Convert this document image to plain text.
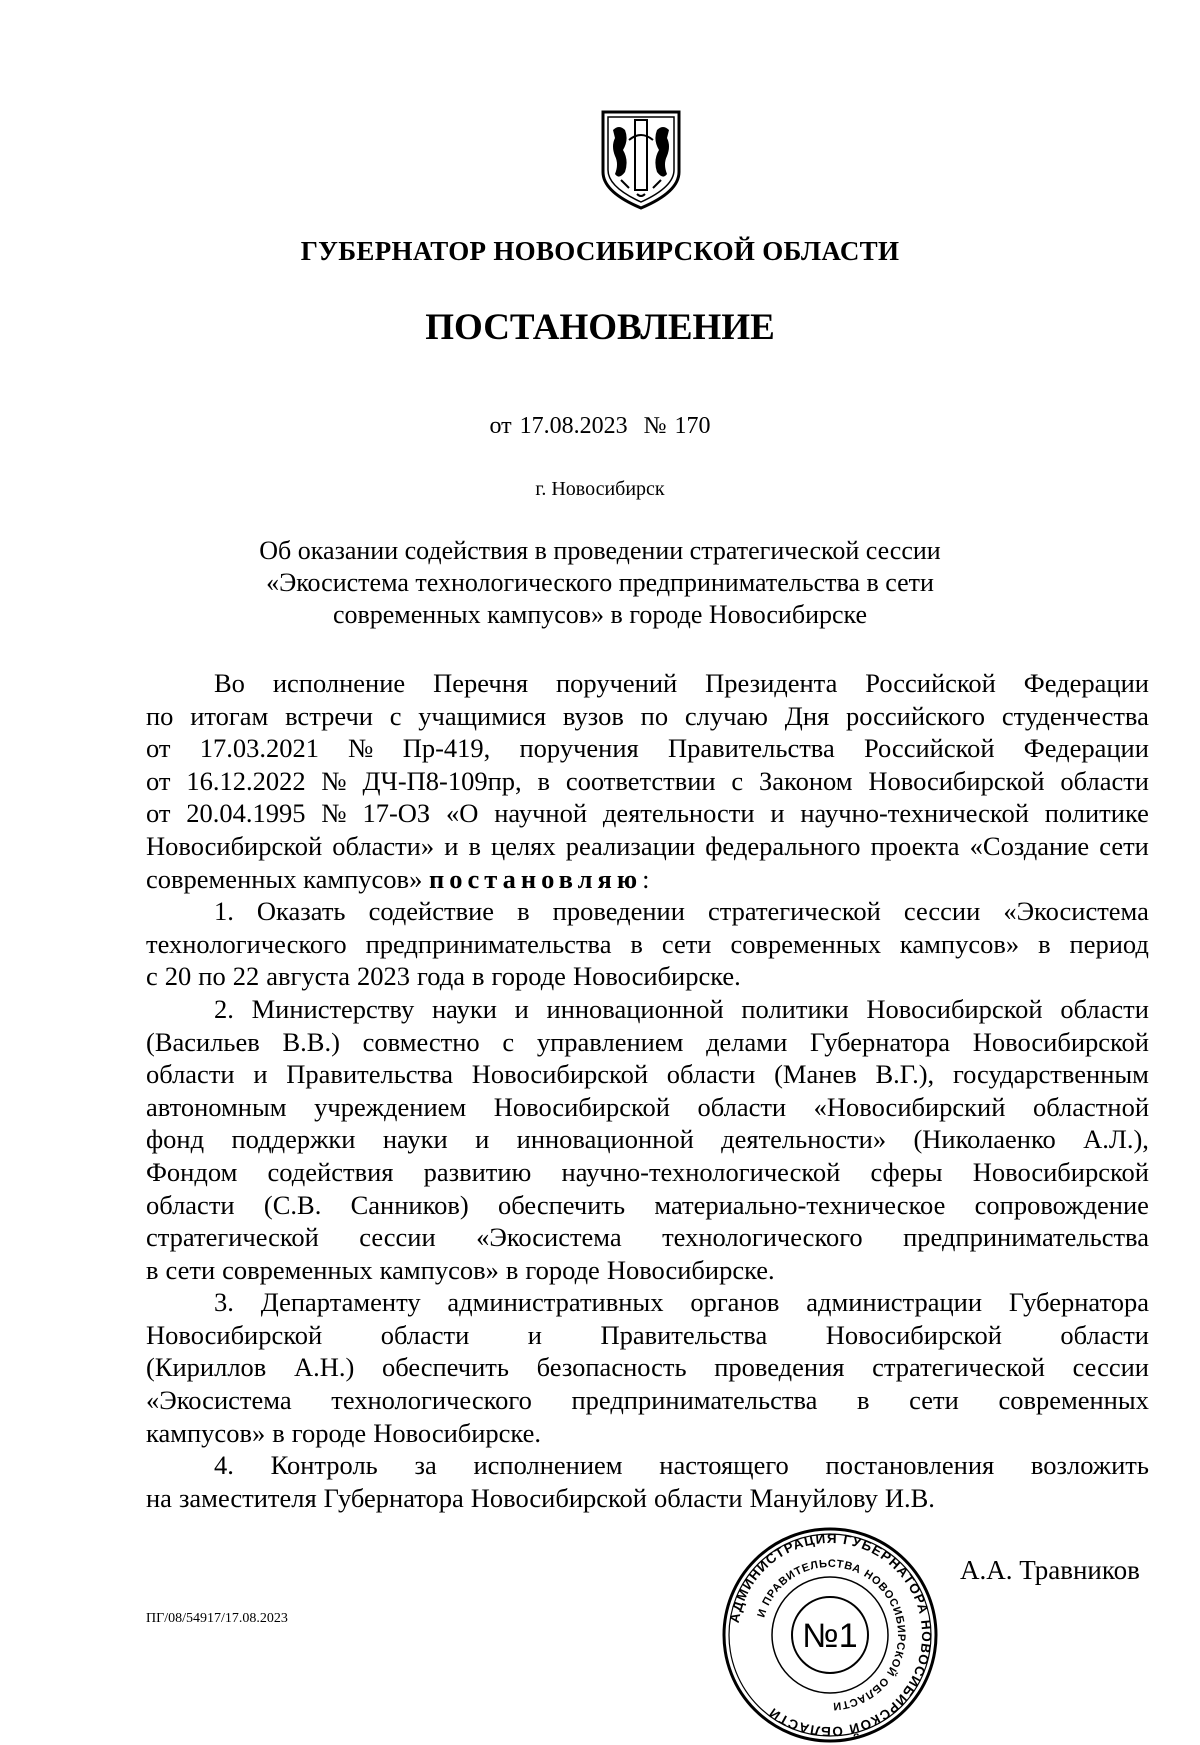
ГУБЕРНАТОР НОВОСИБИРСКОЙ ОБЛАСТИ
ПОСТАНОВЛЕНИЕ
от 17.08.2023  № 170
г. Новосибирск
Об оказании содействия в проведении стратегической сессии
«Экосистема технологического предпринимательства в сети
современных кампусов» в городе Новосибирске
Во исполнение Перечня поручений Президента Российской Федерации
по итогам встречи с учащимися вузов по случаю Дня российского студенчества
от 17.03.2021 № Пр-419, поручения Правительства Российской Федерации
от 16.12.2022 № ДЧ-П8-109пр, в соответствии с Законом Новосибирской области
от 20.04.1995 № 17-ОЗ «О научной деятельности и научно-технической политике
Новосибирской области» и в целях реализации федерального проекта «Создание сети
современных кампусов»
постановляю :
1. Оказать содействие в проведении стратегической сессии «Экосистема
технологического предпринимательства в сети современных кампусов» в период
с 20 по 22 августа 2023 года в городе Новосибирске.
2. Министерству науки и инновационной политики Новосибирской области
(Васильев В.В.) совместно с управлением делами Губернатора Новосибирской
области и Правительства Новосибирской области (Манев В.Г.), государственным
автономным учреждением Новосибирской области «Новосибирский областной
фонд поддержки науки и инновационной деятельности» (Николаенко А.Л.),
Фондом содействия развитию научно-технологической сферы Новосибирской
области (С.В. Санников) обеспечить материально-техническое сопровождение
стратегической сессии «Экосистема технологического предпринимательства
в сети современных кампусов» в городе Новосибирске.
3. Департаменту административных органов администрации Губернатора
Новосибирской области и Правительства Новосибирской области
(Кириллов А.Н.) обеспечить безопасность проведения стратегической сессии
«Экосистема технологического предпринимательства в сети современных
кампусов» в городе Новосибирске.
4. Контроль за исполнением настоящего постановления возложить
на заместителя Губернатора Новосибирской области Мануйлову И.В.
АДМИНИСТРАЦИЯ ГУБЕРНАТОРА НОВОСИБИРСКОЙ ОБЛАСТИ
И ПРАВИТЕЛЬСТВА НОВОСИБИРСКОЙ ОБЛАСТИ
№1
ПГ/08/54917/17.08.2023
А.А. Травников
